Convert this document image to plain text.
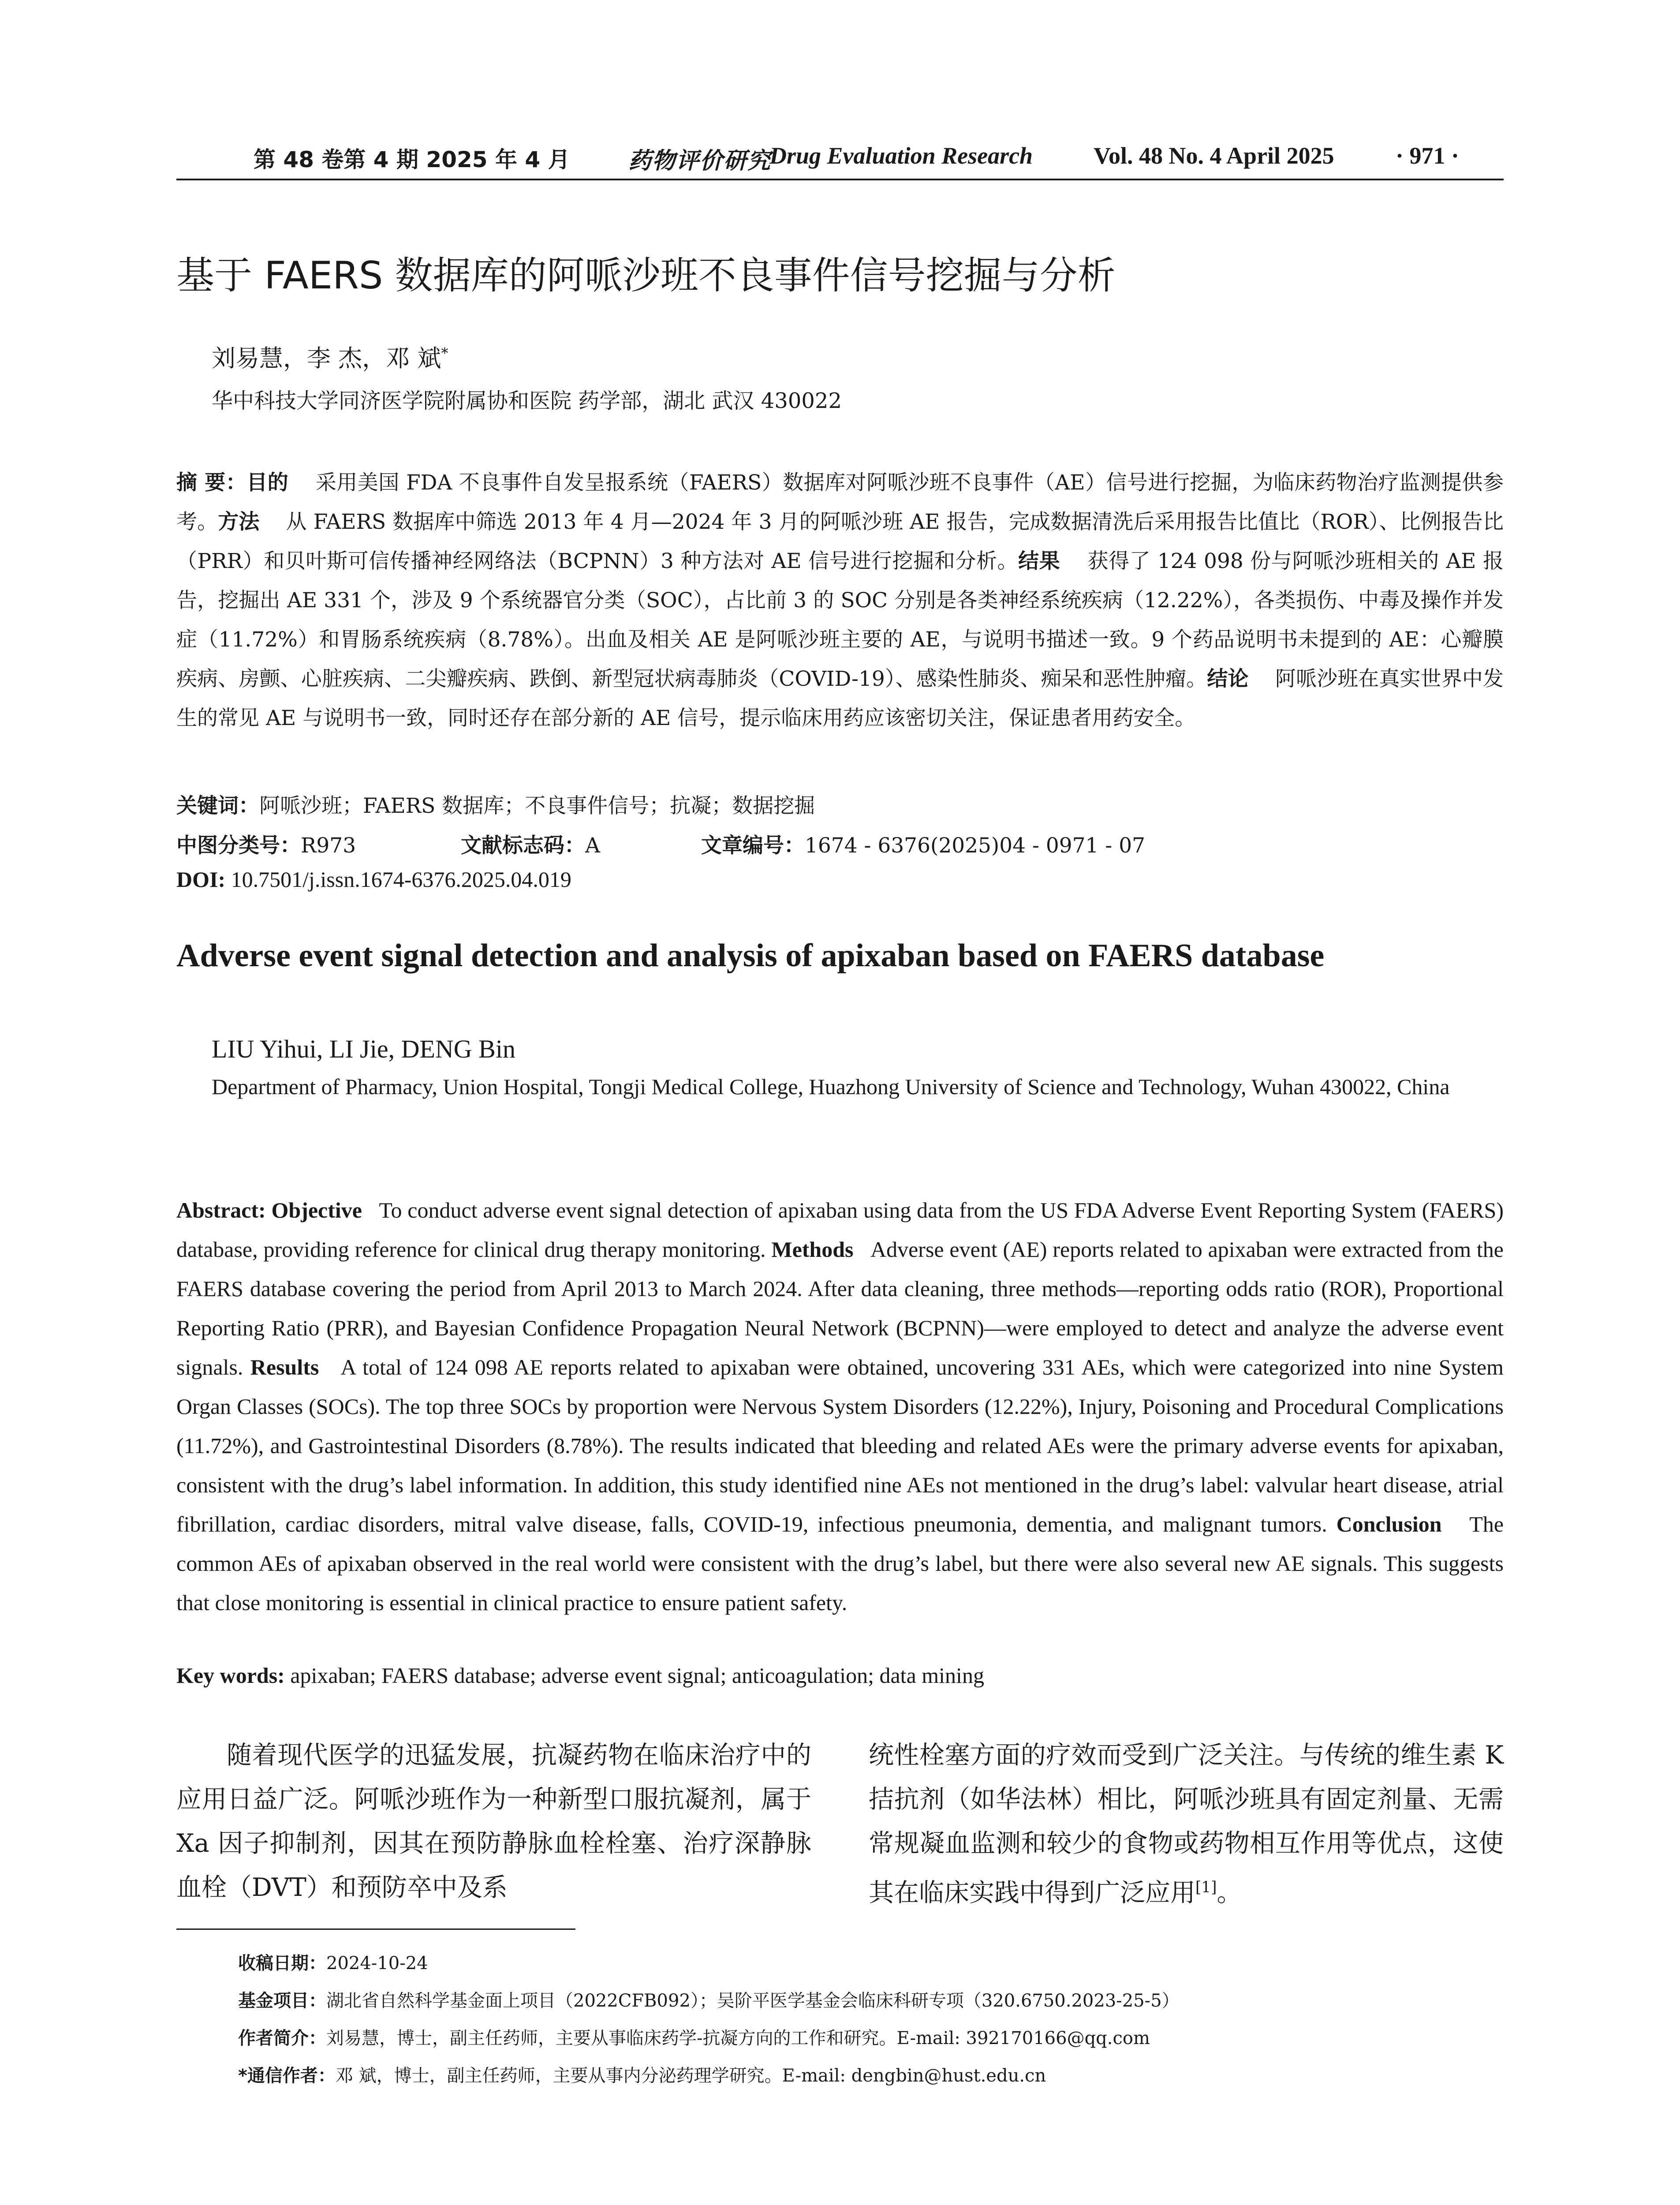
第 48 卷第 4 期 2025 年 4 月	药物评价研究
Drug Evaluation Research	Vol. 48 No. 4 April 2025	· 971 ·
基于 FAERS 数据库的阿哌沙班不良事件信号挖掘与分析
刘易慧，李 杰，邓 斌*
华中科技大学同济医学院附属协和医院 药学部，湖北 武汉 430022

摘 要：目的 采用美国 FDA 不良事件自发呈报系统（FAERS）数据库对阿哌沙班不良事件（AE）信号进行挖掘，为临床药物治疗监测提供参考。方法 从 FAERS 数据库中筛选 2013 年 4 月—2024 年 3 月的阿哌沙班 AE 报告，完成数据清洗后采用报告比值比（ROR）、比例报告比（PRR）和贝叶斯可信传播神经网络法（BCPNN）3 种方法对 AE 信号进行挖掘和分析。结果 获得了 124 098 份与阿哌沙班相关的 AE 报告，挖掘出 AE 331 个，涉及 9 个系统器官分类（SOC），占比前 3 的 SOC 分别是各类神经系统疾病（12.22%），各类损伤、中毒及操作并发症（11.72%）和胃肠系统疾病（8.78%）。出血及相关 AE 是阿哌沙班主要的 AE，与说明书描述一致。9 个药品说明书未提到的 AE：心瓣膜疾病、房颤、心脏疾病、二尖瓣疾病、跌倒、新型冠状病毒肺炎（COVID-19）、感染性肺炎、痴呆和恶性肿瘤。结论 阿哌沙班在真实世界中发生的常见 AE 与说明书一致，同时还存在部分新的 AE 信号，提示临床用药应该密切关注，保证患者用药安全。

关键词：阿哌沙班；FAERS 数据库；不良事件信号；抗凝；数据挖掘
中图分类号：R973	文献标志码：A	文章编号：1674 - 6376(2025)04 - 0971 - 07
DOI: 10.7501/j.issn.1674-6376.2025.04.019
Adverse event signal detection and analysis of apixaban based on FAERS database
LIU Yihui, LI Jie, DENG Bin
Department of Pharmacy, Union Hospital, Tongji Medical College, Huazhong University of Science and Technology, Wuhan 430022, China

Abstract: Objective To conduct adverse event signal detection of apixaban using data from the US FDA Adverse Event Reporting System (FAERS) database, providing reference for clinical drug therapy monitoring. Methods Adverse event (AE) reports related to apixaban were extracted from the FAERS database covering the period from April 2013 to March 2024. After data cleaning, three methods—reporting odds ratio (ROR), Proportional Reporting Ratio (PRR), and Bayesian Confidence Propagation Neural Network (BCPNN)—were employed to detect and analyze the adverse event signals. Results A total of 124 098 AE reports related to apixaban were obtained, uncovering 331 AEs, which were categorized into nine System Organ Classes (SOCs). The top three SOCs by proportion were Nervous System Disorders (12.22%), Injury, Poisoning and Procedural Complications (11.72%), and Gastrointestinal Disorders (8.78%). The results indicated that bleeding and related AEs were the primary adverse events for apixaban, consistent with the drug’s label information. In addition, this study identified nine AEs not mentioned in the drug’s label: valvular heart disease, atrial fibrillation, cardiac disorders, mitral valve disease, falls, COVID-19, infectious pneumonia, dementia, and malignant tumors. Conclusion The common AEs of apixaban observed in the real world were consistent with the drug’s label, but there were also several new AE signals. This suggests that close monitoring is essential in clinical practice to ensure patient safety.

Key words: apixaban; FAERS database; adverse event signal; anticoagulation; data mining

随着现代医学的迅猛发展，抗凝药物在临床治疗中的应用日益广泛。阿哌沙班作为一种新型口服抗凝剂，属于 Xa 因子抑制剂，因其在预防静脉血栓栓塞、治疗深静脉血栓（DVT）和预防卒中及系

统性栓塞方面的疗效而受到广泛关注。与传统的维生素 K 拮抗剂（如华法林）相比，阿哌沙班具有固定剂量、无需常规凝血监测和较少的食物或药物相互作用等优点，这使其在临床实践中得到广泛应用[1]。

收稿日期：2024-10-24
基金项目：湖北省自然科学基金面上项目（2022CFB092）；吴阶平医学基金会临床科研专项（320.6750.2023-25-5）
作者简介：刘易慧，博士，副主任药师，主要从事临床药学-抗凝方向的工作和研究。E-mail: 392170166@qq.com
*通信作者：邓 斌，博士，副主任药师，主要从事内分泌药理学研究。E-mail: dengbin@hust.edu.cn
